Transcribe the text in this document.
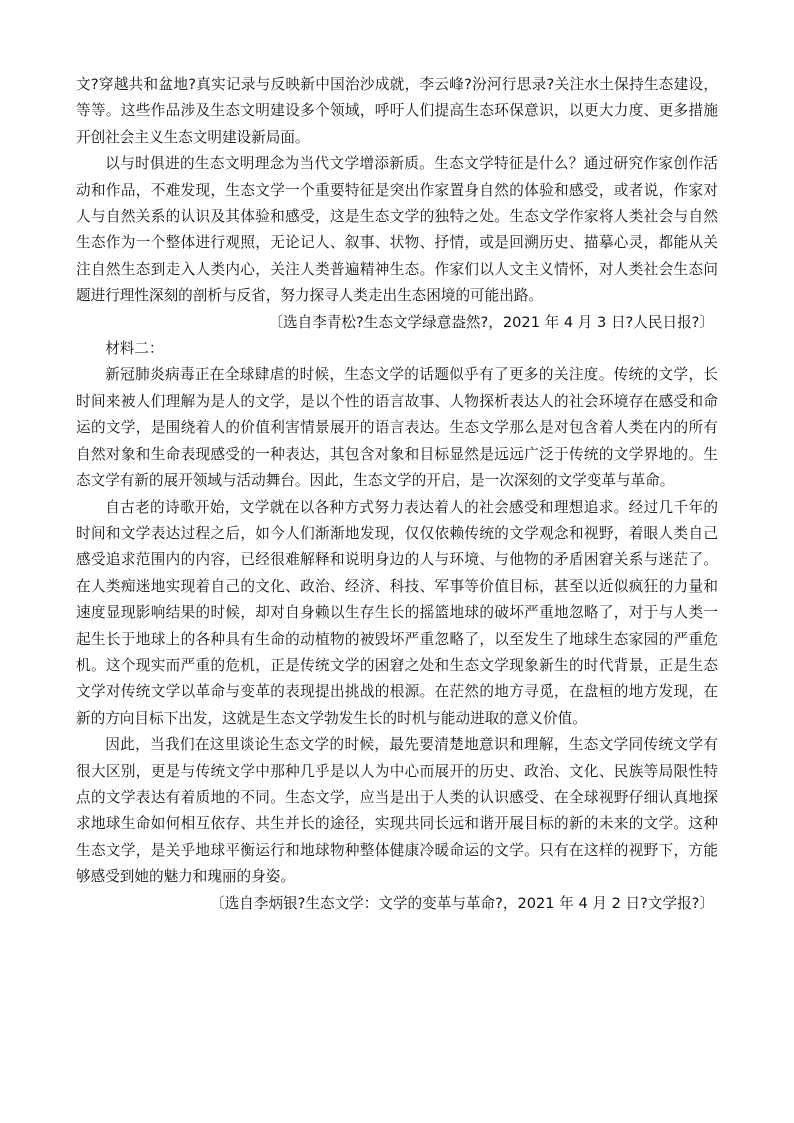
文?穿越共和盆地?真实记录与反映新中国治沙成就，李云峰?汾河行思录?关注水土保持生态建设，等等。这些作品涉及生态文明建设多个领域，呼吁人们提高生态环保意识，以更大力度、更多措施开创社会主义生态文明建设新局面。

以与时俱进的生态文明理念为当代文学增添新质。生态文学特征是什么？通过研究作家创作活动和作品，不难发现，生态文学一个重要特征是突出作家置身自然的体验和感受，或者说，作家对人与自然关系的认识及其体验和感受，这是生态文学的独特之处。生态文学作家将人类社会与自然生态作为一个整体进行观照，无论记人、叙事、状物、抒情，或是回溯历史、描摹心灵，都能从关注自然生态到走入人类内心，关注人类普遍精神生态。作家们以人文主义情怀，对人类社会生态问题进行理性深刻的剖析与反省，努力探寻人类走出生态困境的可能出路。

〔选自李青松?生态文学绿意盎然?，2021 年 4 月 3 日?人民日报?〕

材料二：

新冠肺炎病毒正在全球肆虐的时候，生态文学的话题似乎有了更多的关注度。传统的文学，长时间来被人们理解为是人的文学，是以个性的语言故事、人物探析表达人的社会环境存在感受和命运的文学，是围绕着人的价值利害情景展开的语言表达。生态文学那么是对包含着人类在内的所有自然对象和生命表现感受的一种表达，其包含对象和目标显然是远远广泛于传统的文学界地的。生态文学有新的展开领域与活动舞台。因此，生态文学的开启，是一次深刻的文学变革与革命。

自古老的诗歌开始，文学就在以各种方式努力表达着人的社会感受和理想追求。经过几千年的时间和文学表达过程之后，如今人们渐渐地发现，仅仅依赖传统的文学观念和视野，着眼人类自己感受追求范围内的内容，已经很难解释和说明身边的人与环境、与他物的矛盾困窘关系与迷茫了。在人类痴迷地实现着自己的文化、政治、经济、科技、军事等价值目标，甚至以近似疯狂的力量和速度显现影响结果的时候，却对自身赖以生存生长的摇篮地球的破坏严重地忽略了，对于与人类一起生长于地球上的各种具有生命的动植物的被毁坏严重忽略了，以至发生了地球生态家园的严重危机。这个现实而严重的危机，正是传统文学的困窘之处和生态文学现象新生的时代背景，正是生态文学对传统文学以革命与变革的表现提出挑战的根源。在茫然的地方寻觅，在盘桓的地方发现，在新的方向目标下出发，这就是生态文学勃发生长的时机与能动进取的意义价值。

因此，当我们在这里谈论生态文学的时候，最先要清楚地意识和理解，生态文学同传统文学有很大区别，更是与传统文学中那种几乎是以人为中心而展开的历史、政治、文化、民族等局限性特点的文学表达有着质地的不同。生态文学，应当是出于人类的认识感受、在全球视野仔细认真地探求地球生命如何相互依存、共生并长的途径，实现共同长远和谐开展目标的新的未来的文学。这种生态文学，是关乎地球平衡运行和地球物种整体健康冷暖命运的文学。只有在这样的视野下，方能够感受到她的魅力和瑰丽的身姿。

〔选自李炳银?生态文学：文学的变革与革命?，2021 年 4 月 2 日?文学报?〕
